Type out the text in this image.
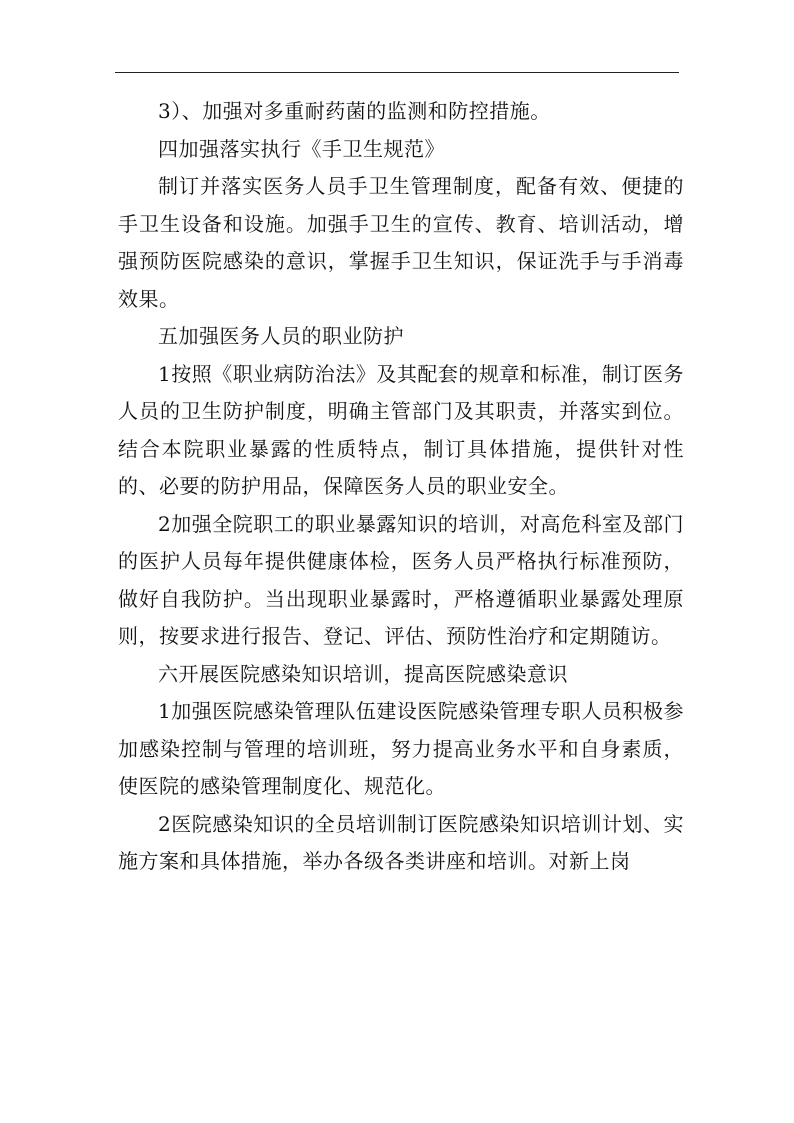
3）、加强对多重耐药菌的监测和防控措施。

四加强落实执行《手卫生规范》

制订并落实医务人员手卫生管理制度，配备有效、便捷的手卫生设备和设施。加强手卫生的宣传、教育、培训活动，增强预防医院感染的意识，掌握手卫生知识，保证洗手与手消毒效果。

五加强医务人员的职业防护

1按照《职业病防治法》及其配套的规章和标准，制订医务人员的卫生防护制度，明确主管部门及其职责，并落实到位。结合本院职业暴露的性质特点，制订具体措施，提供针对性的、必要的防护用品，保障医务人员的职业安全。

2加强全院职工的职业暴露知识的培训，对高危科室及部门的医护人员每年提供健康体检，医务人员严格执行标准预防，做好自我防护。当出现职业暴露时，严格遵循职业暴露处理原则，按要求进行报告、登记、评估、预防性治疗和定期随访。

六开展医院感染知识培训，提高医院感染意识

1加强医院感染管理队伍建设医院感染管理专职人员积极参加感染控制与管理的培训班，努力提高业务水平和自身素质，使医院的感染管理制度化、规范化。

2医院感染知识的全员培训制订医院感染知识培训计划、实施方案和具体措施，举办各级各类讲座和培训。对新上岗
